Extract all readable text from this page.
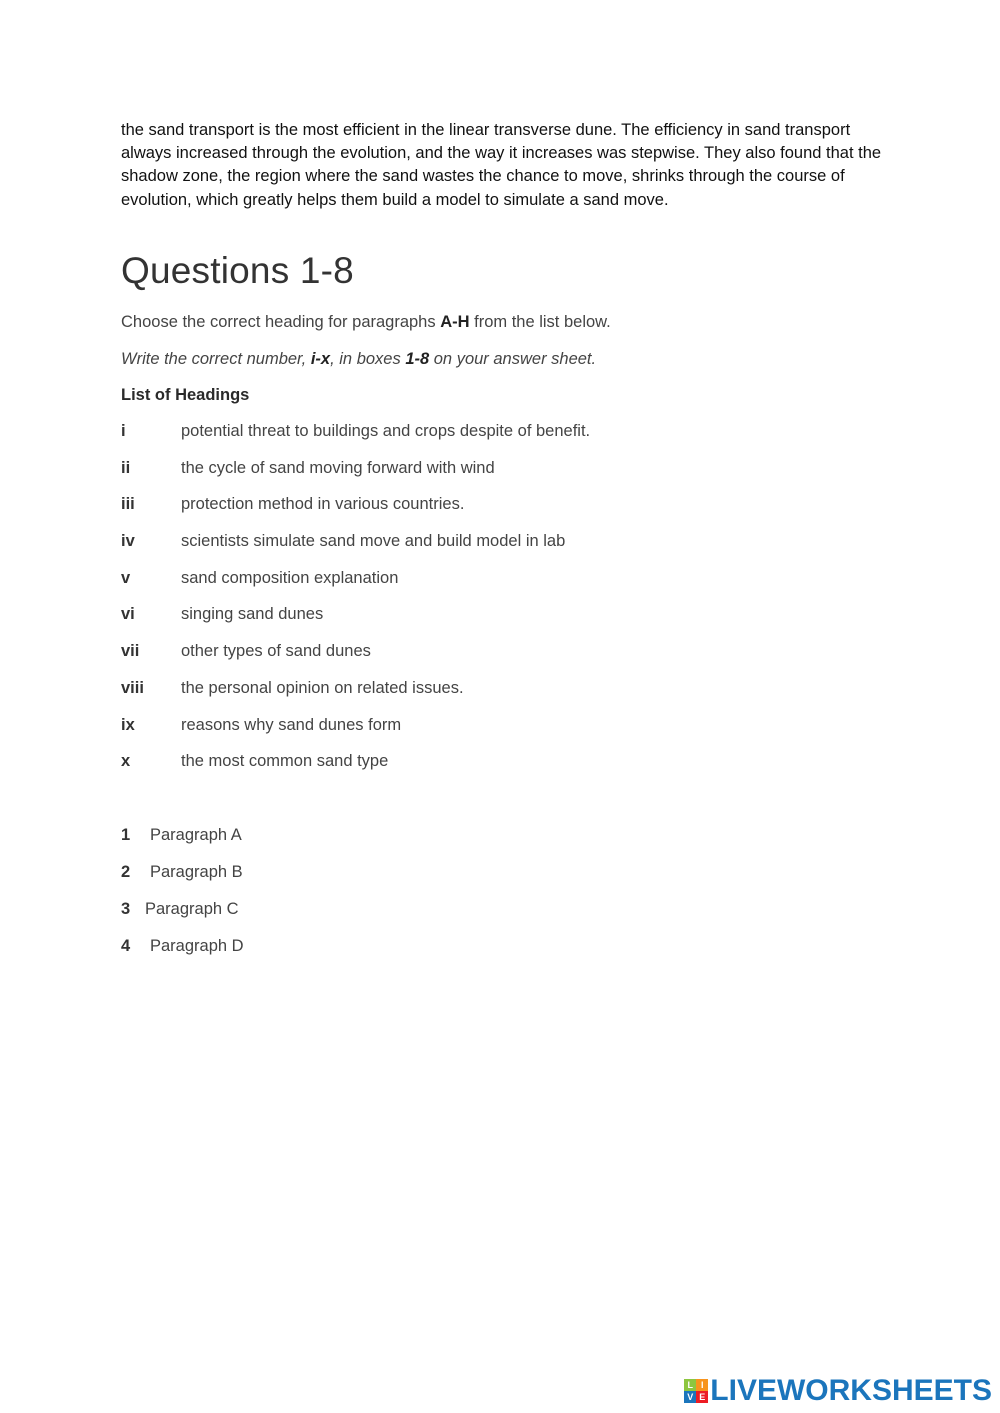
the sand transport is the most efficient in the linear transverse dune. The efficiency in sand transport always increased through the evolution, and the way it increases was stepwise. They also found that the shadow zone, the region where the sand wastes the chance to move, shrinks through the course of evolution, which greatly helps them build a model to simulate a sand move.

Questions 1-8

Choose the correct heading for paragraphs A-H from the list below.

Write the correct number, i-x, in boxes 1-8 on your answer sheet.

List of Headings
i	potential threat to buildings and crops despite of benefit.
ii	the cycle of sand moving forward with wind
iii	protection method in various countries.
iv	scientists simulate sand move and build model in lab
v	sand composition explanation
vi	singing sand dunes
vii	other types of sand dunes
viii	the personal opinion on related issues.
ix	reasons why sand dunes form
x	the most common sand type
1	Paragraph A
2	Paragraph B
3 Paragraph C
4	Paragraph D
L I
V E LIVEWORKSHEETS
